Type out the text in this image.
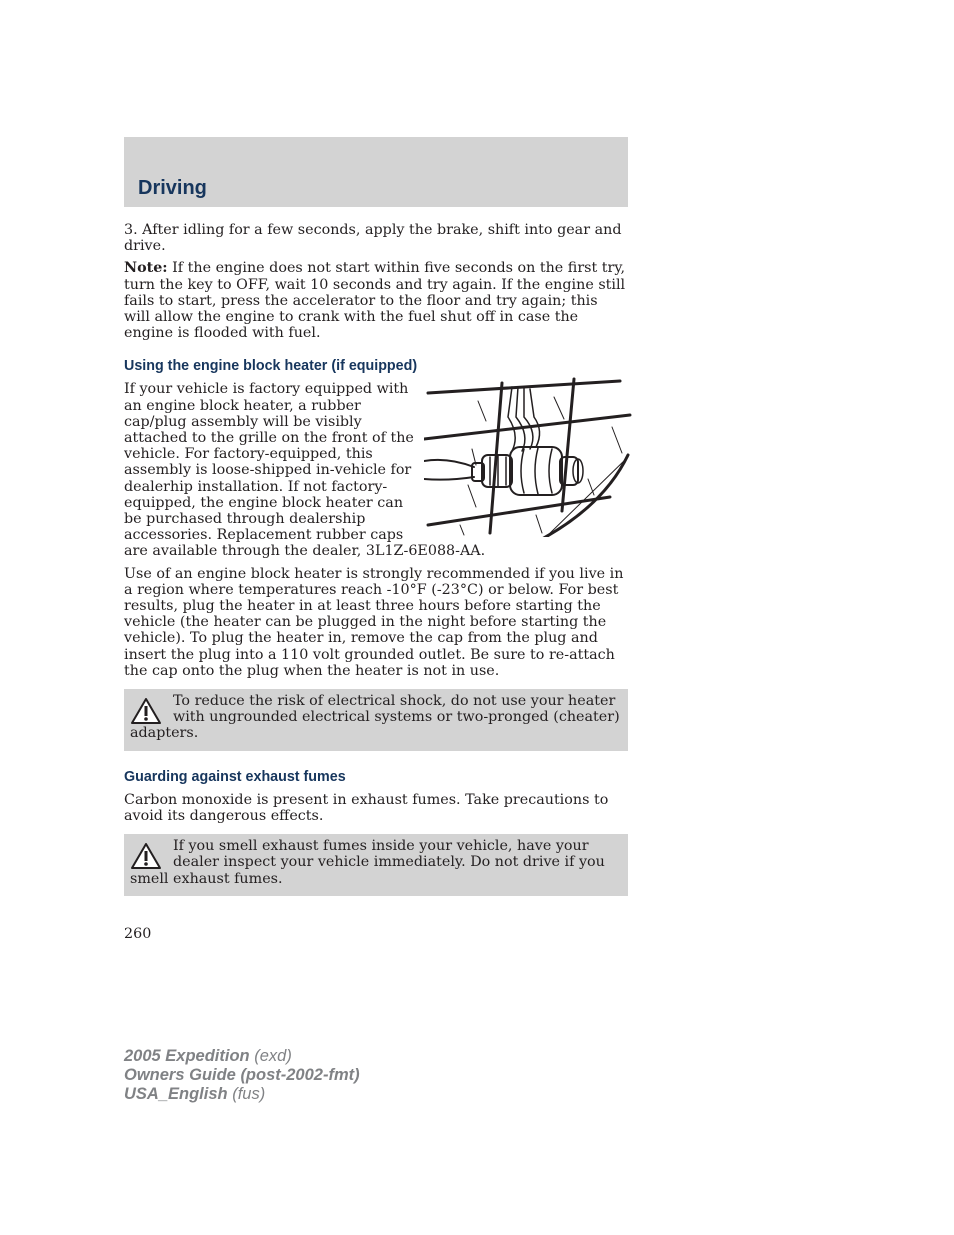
Driving

3. After idling for a few seconds, apply the brake, shift into gear and drive.

Note: If the engine does not start within five seconds on the first try, turn the key to OFF, wait 10 seconds and try again. If the engine still fails to start, press the accelerator to the floor and try again; this will allow the engine to crank with the fuel shut off in case the engine is flooded with fuel.

Using the engine block heater (if equipped)

If your vehicle is factory equipped with an engine block heater, a rubber cap/plug assembly will be visibly attached to the grille on the front of the vehicle. For factory-equipped, this assembly is loose-shipped in-vehicle for dealerhip installation. If not factory-equipped, the engine block heater can be purchased through dealership accessories. Replacement rubber caps are available through the dealer, 3L1Z-6E088-AA.

Use of an engine block heater is strongly recommended if you live in a region where temperatures reach -10°F (-23°C) or below. For best results, plug the heater in at least three hours before starting the vehicle (the heater can be plugged in the night before starting the vehicle). To plug the heater in, remove the cap from the plug and insert the plug into a 110 volt grounded outlet. Be sure to re-attach the cap onto the plug when the heater is not in use.

To reduce the risk of electrical shock, do not use your heater with ungrounded electrical systems or two-pronged (cheater) adapters.
Guarding against exhaust fumes

Carbon monoxide is present in exhaust fumes. Take precautions to avoid its dangerous effects.

If you smell exhaust fumes inside your vehicle, have your dealer inspect your vehicle immediately. Do not drive if you smell exhaust fumes.
260
2005 Expedition (exd)
Owners Guide (post-2002-fmt)
USA_English (fus)
